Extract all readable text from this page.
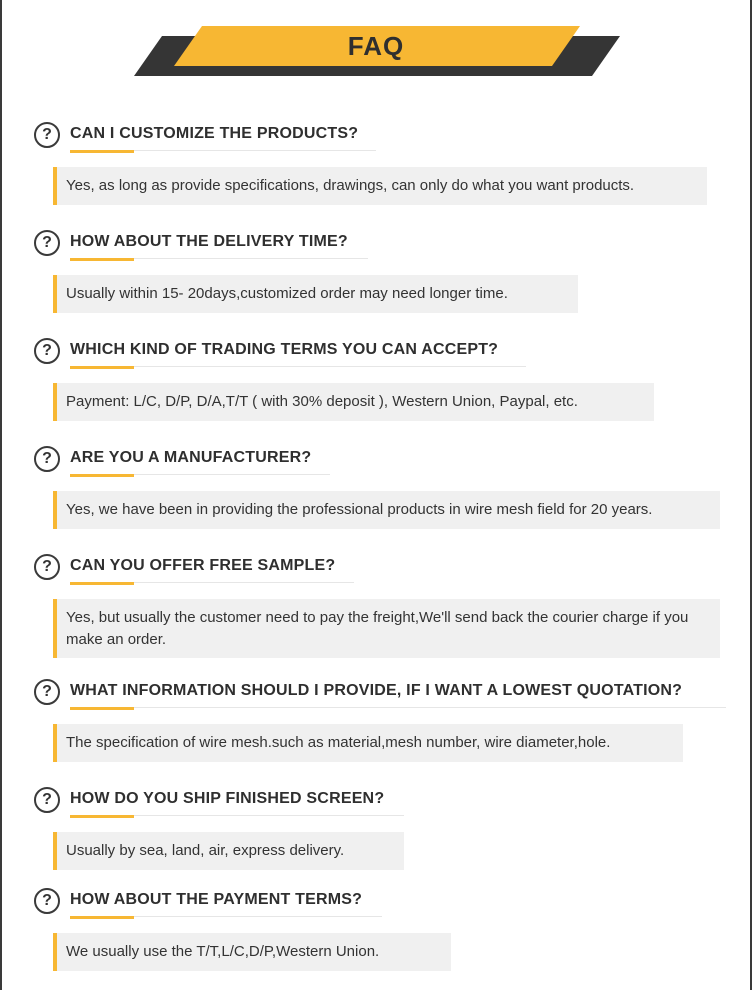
FAQ
?	CAN I CUSTOMIZE THE PRODUCTS?
Yes, as long as provide specifications, drawings, can only do what you want products.
?	HOW ABOUT THE DELIVERY TIME?
Usually within 15- 20days,customized order may need longer time.
?	WHICH KIND OF TRADING TERMS YOU CAN ACCEPT?
Payment: L/C, D/P, D/A,T/T ( with 30% deposit ), Western Union, Paypal, etc.
?	ARE YOU A MANUFACTURER?
Yes, we have been in providing the professional products in wire mesh field for 20 years.
?	CAN YOU OFFER FREE SAMPLE?
Yes, but usually the customer need to pay the freight,We'll send back the courier charge if you make an order.
?	WHAT INFORMATION SHOULD I PROVIDE, IF I WANT A LOWEST QUOTATION?
The specification of wire mesh.such as material,mesh number, wire diameter,hole.
?	HOW DO YOU SHIP FINISHED SCREEN?
Usually by sea, land, air, express delivery.
?	HOW ABOUT THE PAYMENT TERMS?
We usually use the T/T,L/C,D/P,Western Union.
